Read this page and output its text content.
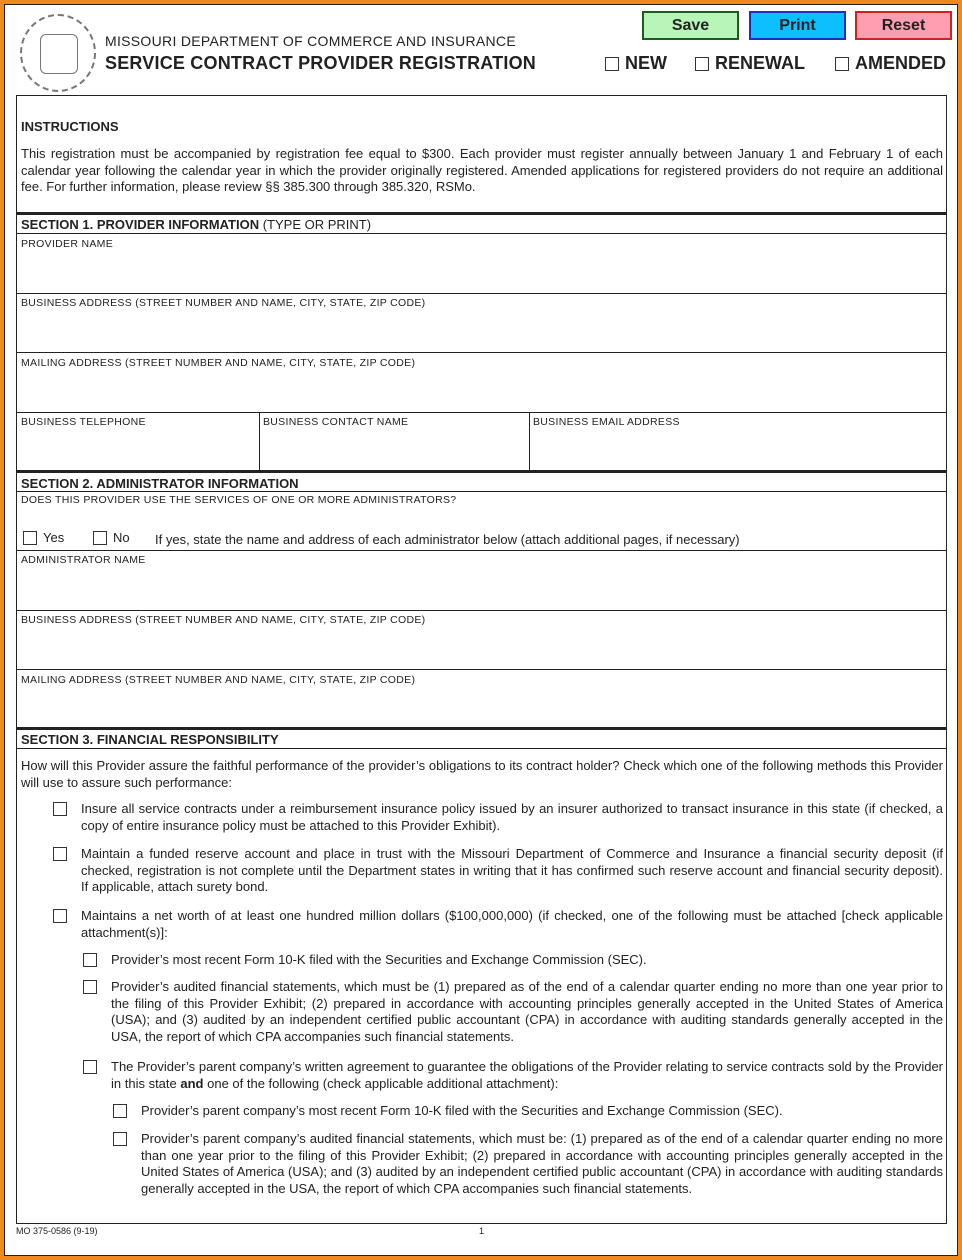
MISSOURI DEPARTMENT OF COMMERCE AND INSURANCE
SERVICE CONTRACT PROVIDER REGISTRATION
Save	Print	Reset
NEW	RENEWAL	AMENDED
INSTRUCTIONS
This registration must be accompanied by registration fee equal to $300. Each provider must register annually between January 1 and February 1 of each calendar year following the calendar year in which the provider originally registered. Amended applications for registered providers do not require an additional fee. For further information, please review §§ 385.300 through 385.320, RSMo.
SECTION 1. PROVIDER INFORMATION (TYPE OR PRINT)
PROVIDER NAME
BUSINESS ADDRESS (STREET NUMBER AND NAME, CITY, STATE, ZIP CODE)
MAILING ADDRESS (STREET NUMBER AND NAME, CITY, STATE, ZIP CODE)
BUSINESS TELEPHONE	BUSINESS CONTACT NAME	BUSINESS EMAIL ADDRESS
SECTION 2. ADMINISTRATOR INFORMATION
DOES THIS PROVIDER USE THE SERVICES OF ONE OR MORE ADMINISTRATORS?
Yes	No If yes, state the name and address of each administrator below (attach additional pages, if necessary)
ADMINISTRATOR NAME
BUSINESS ADDRESS (STREET NUMBER AND NAME, CITY, STATE, ZIP CODE)
MAILING ADDRESS (STREET NUMBER AND NAME, CITY, STATE, ZIP CODE)
SECTION 3. FINANCIAL RESPONSIBILITY
How will this Provider assure the faithful performance of the provider’s obligations to its contract holder? Check which one of the following methods this Provider will use to assure such performance:
Insure all service contracts under a reimbursement insurance policy issued by an insurer authorized to transact insurance in this state (if checked, a copy of entire insurance policy must be attached to this Provider Exhibit).
Maintain a funded reserve account and place in trust with the Missouri Department of Commerce and Insurance a financial security deposit (if checked, registration is not complete until the Department states in writing that it has confirmed such reserve account and financial security deposit). If applicable, attach surety bond.
Maintains a net worth of at least one hundred million dollars ($100,000,000) (if checked, one of the following must be attached [check applicable attachment(s)]:
Provider’s most recent Form 10-K filed with the Securities and Exchange Commission (SEC).
Provider’s audited financial statements, which must be (1) prepared as of the end of a calendar quarter ending no more than one year prior to the filing of this Provider Exhibit; (2) prepared in accordance with accounting principles generally accepted in the United States of America (USA); and (3) audited by an independent certified public accountant (CPA) in accordance with auditing standards generally accepted in the USA, the report of which CPA accompanies such financial statements.
The Provider’s parent company’s written agreement to guarantee the obligations of the Provider relating to service contracts sold by the Provider in this state and one of the following (check applicable additional attachment):
Provider’s parent company’s most recent Form 10-K filed with the Securities and Exchange Commission (SEC).
Provider’s parent company’s audited financial statements, which must be: (1) prepared as of the end of a calendar quarter ending no more than one year prior to the filing of this Provider Exhibit; (2) prepared in accordance with accounting principles generally accepted in the United States of America (USA); and (3) audited by an independent certified public accountant (CPA) in accordance with auditing standards generally accepted in the USA, the report of which CPA accompanies such financial statements.
MO 375-0586 (9-19)	1
